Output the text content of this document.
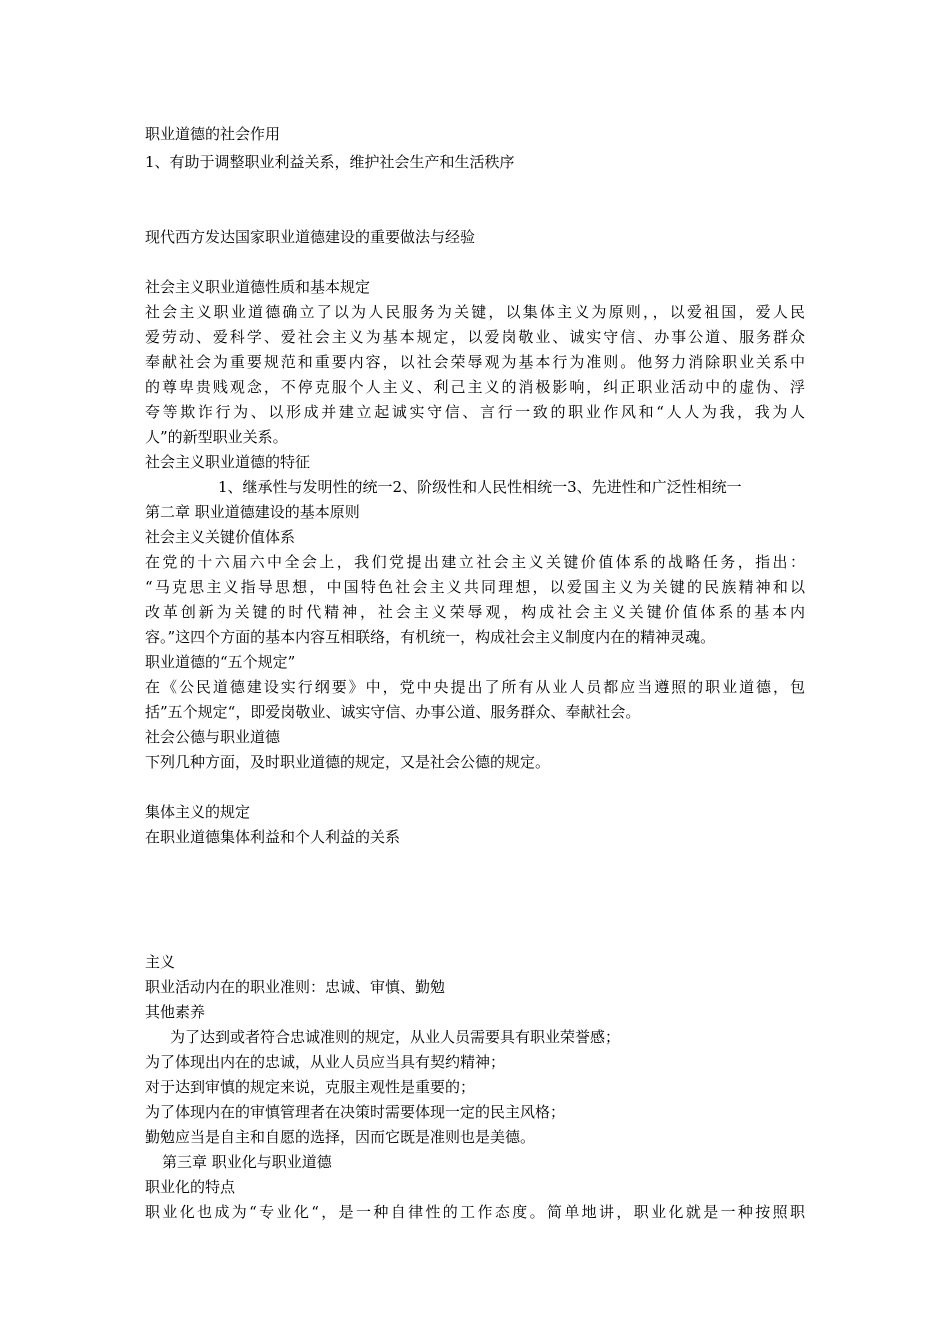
职业道德的社会作用
1、有助于调整职业利益关系，维护社会生产和生活秩序
现代西方发达国家职业道德建设的重要做法与经验
社会主义职业道德性质和基本规定
社会主义职业道德确立了以为人民服务为关键，以集体主义为原则，，以爱祖国，爱人民
爱劳动、爱科学、爱社会主义为基本规定，以爱岗敬业、诚实守信、办事公道、服务群众
奉献社会为重要规范和重要内容，以社会荣辱观为基本行为准则。他努力消除职业关系中
的尊卑贵贱观念，不停克服个人主义、利己主义的消极影响，纠正职业活动中的虚伪、浮
夸等欺诈行为、以形成并建立起诚实守信、言行一致的职业作风和“人人为我，我为人
人”的新型职业关系。
社会主义职业道德的特征
1、继承性与发明性的统一2、阶级性和人民性相统一3、先进性和广泛性相统一
第二章 职业道德建设的基本原则
社会主义关键价值体系
在党的十六届六中全会上，我们党提出建立社会主义关键价值体系的战略任务，指出：
“马克思主义指导思想，中国特色社会主义共同理想，以爱国主义为关键的民族精神和以
改革创新为关键的时代精神，社会主义荣辱观，构成社会主义关键价值体系的基本内
容。”这四个方面的基本内容互相联络，有机统一，构成社会主义制度内在的精神灵魂。
职业道德的“五个规定”
在《公民道德建设实行纲要》中，党中央提出了所有从业人员都应当遵照的职业道德，包
括”五个规定“，即爱岗敬业、诚实守信、办事公道、服务群众、奉献社会。
社会公德与职业道德
下列几种方面，及时职业道德的规定，又是社会公德的规定。
集体主义的规定
在职业道德集体利益和个人利益的关系
主义
职业活动内在的职业准则：忠诚、审慎、勤勉
其他素养
为了达到或者符合忠诚准则的规定，从业人员需要具有职业荣誉感；
为了体现出内在的忠诚，从业人员应当具有契约精神；
对于达到审慎的规定来说，克服主观性是重要的；
为了体现内在的审慎管理者在决策时需要体现一定的民主风格；
勤勉应当是自主和自愿的选择，因而它既是准则也是美德。
第三章 职业化与职业道德
职业化的特点
职业化也成为“专业化“，是一种自律性的工作态度。简单地讲，职业化就是一种按照职
